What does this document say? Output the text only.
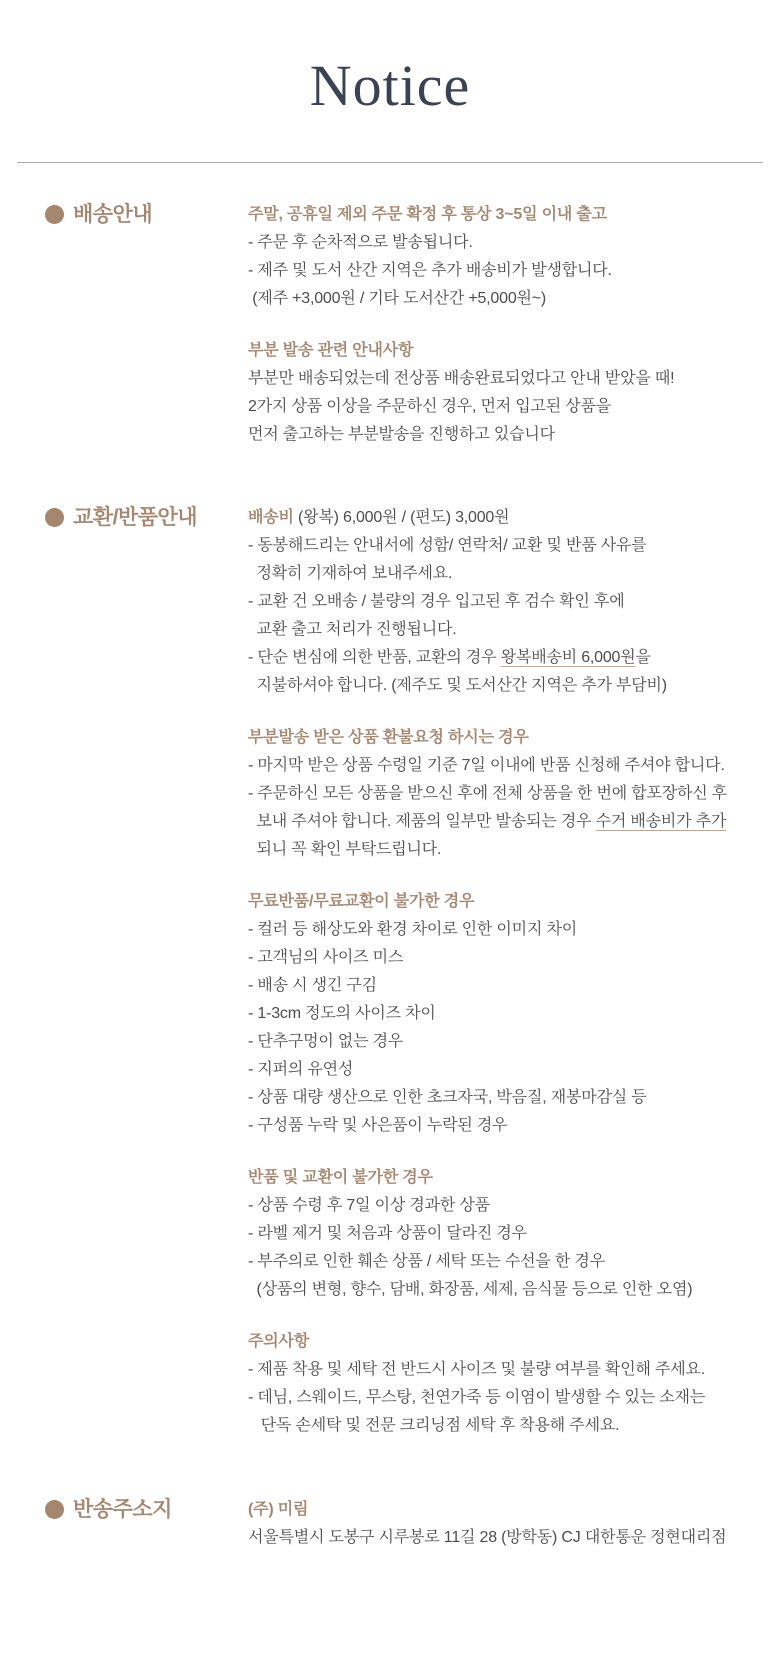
Notice
배송안내	주말, 공휴일 제외 주문 확정 후 통상 3~5일 이내 출고

- 주문 후 순차적으로 발송됩니다.

- 제주 및 도서 산간 지역은 추가 배송비가 발생합니다.

(제주 +3,000원 / 기타 도서산간 +5,000원~)

부분 발송 관련 안내사항

부분만 배송되었는데 전상품 배송완료되었다고 안내 받았을 때!

2가지 상품 이상을 주문하신 경우, 먼저 입고된 상품을

먼저 출고하는 부분발송을 진행하고 있습니다

교환/반품안내	배송비 (왕복) 6,000원 / (편도) 3,000원

- 동봉해드리는 안내서에 성함/ 연락처/ 교환 및 반품 사유를

정확히 기재하여 보내주세요.

- 교환 건 오배송 / 불량의 경우 입고된 후 검수 확인 후에

교환 출고 처리가 진행됩니다.

- 단순 변심에 의한 반품, 교환의 경우 왕복배송비 6,000원을

지불하셔야 합니다. (제주도 및 도서산간 지역은 추가 부담비)

부분발송 받은 상품 환불요청 하시는 경우

- 마지막 받은 상품 수령일 기준 7일 이내에 반품 신청해 주셔야 합니다.

- 주문하신 모든 상품을 받으신 후에 전체 상품을 한 번에 합포장하신 후

보내 주셔야 합니다. 제품의 일부만 발송되는 경우 수거 배송비가 추가

되니 꼭 확인 부탁드립니다.

무료반품/무료교환이 불가한 경우

- 컬러 등 해상도와 환경 차이로 인한 이미지 차이

- 고객님의 사이즈 미스

- 배송 시 생긴 구김

- 1-3cm 정도의 사이즈 차이

- 단추구멍이 없는 경우

- 지퍼의 유연성

- 상품 대량 생산으로 인한 초크자국, 박음질, 재봉마감실 등

- 구성품 누락 및 사은품이 누락된 경우

반품 및 교환이 불가한 경우

- 상품 수령 후 7일 이상 경과한 상품

- 라벨 제거 및 처음과 상품이 달라진 경우

- 부주의로 인한 훼손 상품 / 세탁 또는 수선을 한 경우

(상품의 변형, 향수, 담배, 화장품, 세제, 음식물 등으로 인한 오염)

주의사항

- 제품 착용 및 세탁 전 반드시 사이즈 및 불량 여부를 확인해 주세요.

- 데님, 스웨이드, 무스탕, 천연가죽 등 이염이 발생할 수 있는 소재는

단독 손세탁 및 전문 크리닝점 세탁 후 착용해 주세요.

반송주소지	(주) 미림

서울특별시 도봉구 시루봉로 11길 28 (방학동) CJ 대한통운 정현대리점
